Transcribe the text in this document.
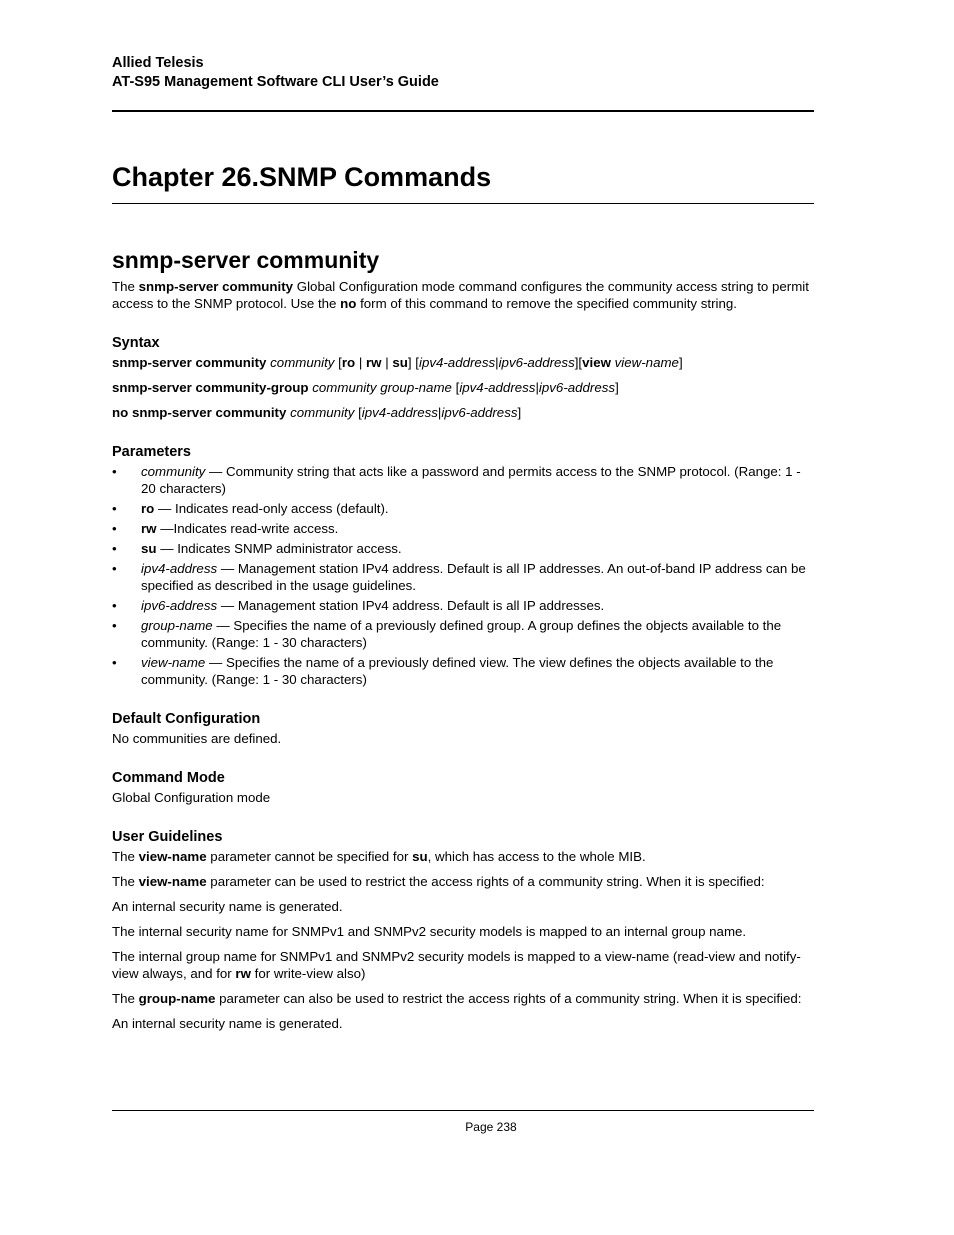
Allied Telesis
AT-S95 Management Software CLI User’s Guide
Chapter 26.SNMP Commands
snmp-server community

The snmp-server community Global Configuration mode command configures the community access string to permit access to the SNMP protocol. Use the no form of this command to remove the specified community string.

Syntax
snmp-server community community [ro | rw | su] [ipv4-address|ipv6-address][view view-name]
snmp-server community-group community group-name [ipv4-address|ipv6-address]
no snmp-server community community [ipv4-address|ipv6-address]
Parameters
• community — Community string that acts like a password and permits access to the SNMP protocol. (Range: 1 - 20 characters)
• ro — Indicates read-only access (default).
• rw —Indicates read-write access.
• su — Indicates SNMP administrator access.
• ipv4-address — Management station IPv4 address. Default is all IP addresses. An out-of-band IP address can be specified as described in the usage guidelines.
• ipv6-address — Management station IPv4 address. Default is all IP addresses.
• group-name — Specifies the name of a previously defined group. A group defines the objects available to the community. (Range: 1 - 30 characters)
• view-name — Specifies the name of a previously defined view. The view defines the objects available to the community. (Range: 1 - 30 characters)
Default Configuration

No communities are defined.

Command Mode

Global Configuration mode

User Guidelines

The view-name parameter cannot be specified for su, which has access to the whole MIB.

The view-name parameter can be used to restrict the access rights of a community string. When it is specified:

An internal security name is generated.

The internal security name for SNMPv1 and SNMPv2 security models is mapped to an internal group name.

The internal group name for SNMPv1 and SNMPv2 security models is mapped to a view-name (read-view and notify-view always, and for rw for write-view also)

The group-name parameter can also be used to restrict the access rights of a community string. When it is specified:

An internal security name is generated.

Page 238
